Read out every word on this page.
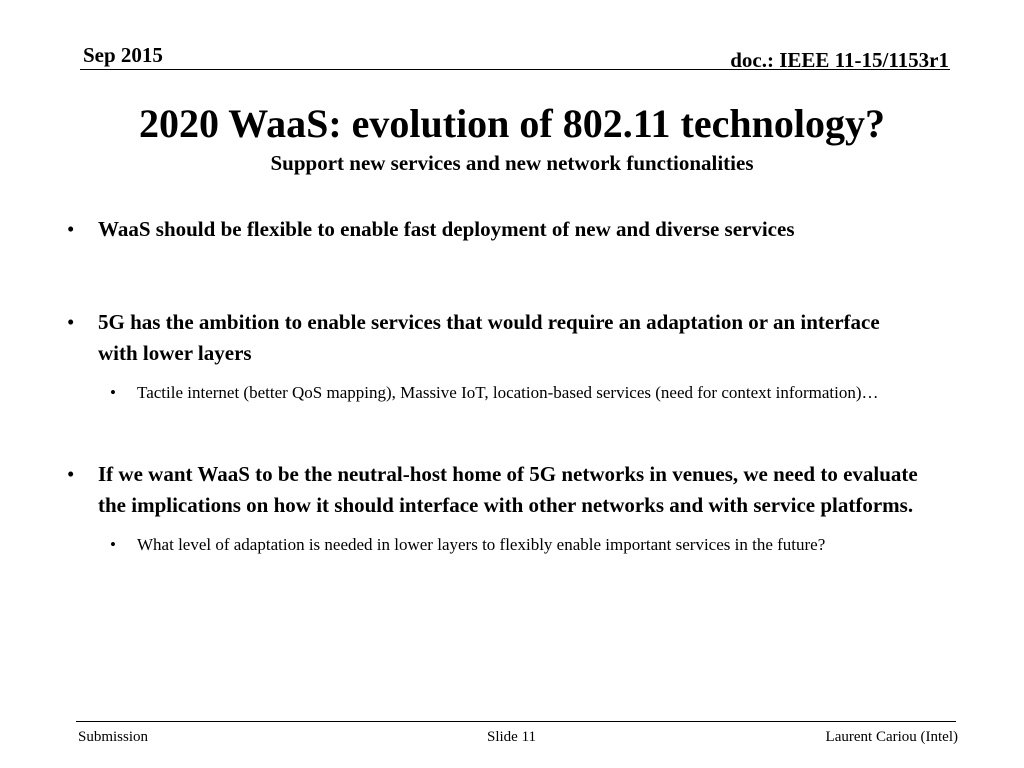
Sep 2015	doc.: IEEE 11-15/1153r1
2020 WaaS: evolution of 802.11 technology?
Support new services and new network functionalities
• WaaS should be flexible to enable fast deployment of new and diverse services
• 5G has the ambition to enable services that would require an adaptation or an interface with lower layers
• Tactile internet (better QoS mapping), Massive IoT, location-based services (need for context information)…
• If we want WaaS to be the neutral-host home of 5G networks in venues, we need to evaluate the implications on how it should interface with other networks and with service platforms.
• What level of adaptation is needed in lower layers to flexibly enable important services in the future?
Submission	Slide 11	Laurent Cariou (Intel)
